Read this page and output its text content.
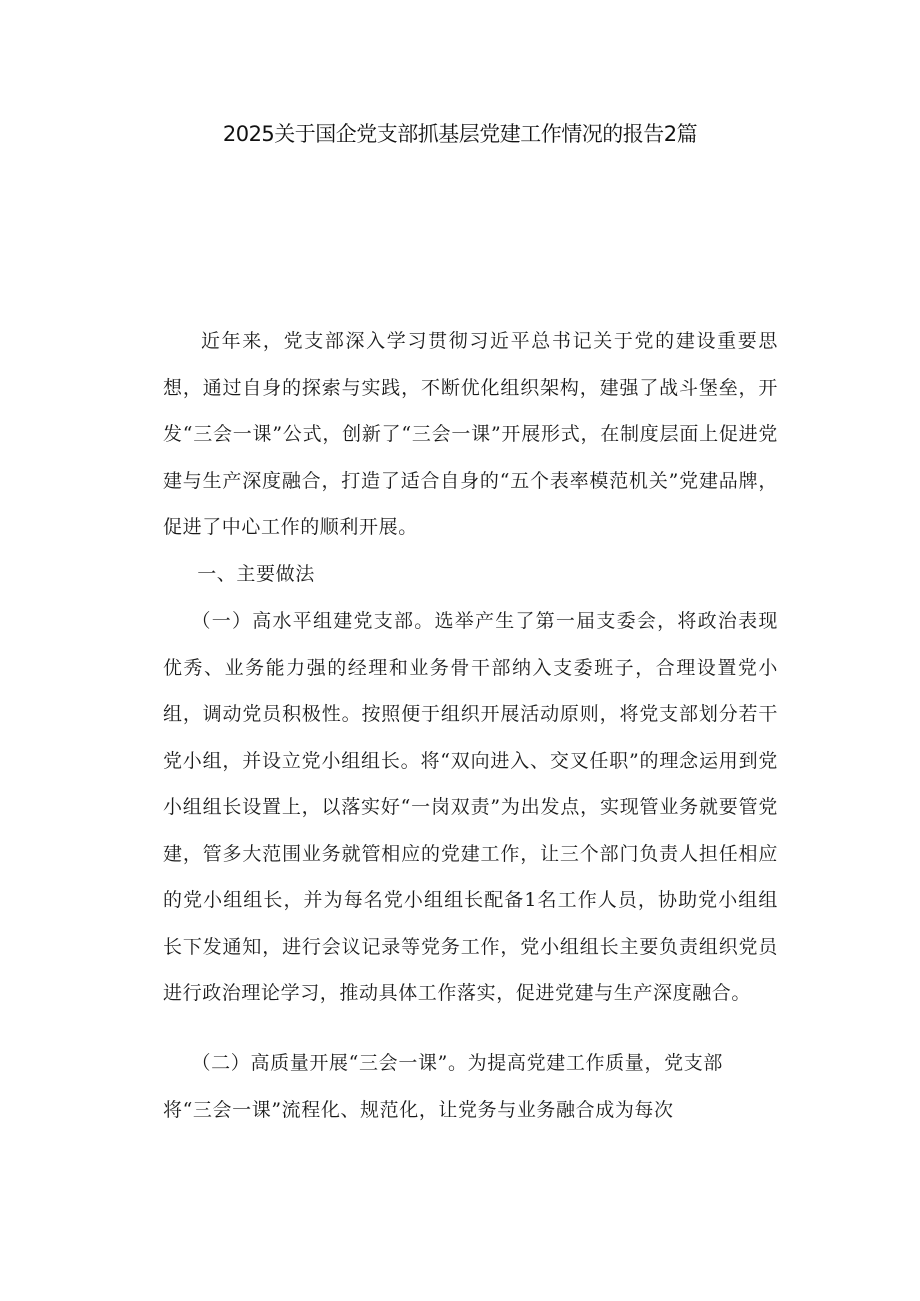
2025关于国企党支部抓基层党建工作情况的报告2篇

近年来，党支部深入学习贯彻习近平总书记关于党的建设重要思想，通过自身的探索与实践，不断优化组织架构，建强了战斗堡垒，开发“三会一课”公式，创新了“三会一课”开展形式，在制度层面上促进党建与生产深度融合，打造了适合自身的“五个表率模范机关”党建品牌，促进了中心工作的顺利开展。

一、主要做法

（一）高水平组建党支部。选举产生了第一届支委会，将政治表现优秀、业务能力强的经理和业务骨干部纳入支委班子，合理设置党小组，调动党员积极性。按照便于组织开展活动原则，将党支部划分若干党小组，并设立党小组组长。将“双向进入、交叉任职”的理念运用到党小组组长设置上，以落实好“一岗双责”为出发点，实现管业务就要管党建，管多大范围业务就管相应的党建工作，让三个部门负责人担任相应的党小组组长，并为每名党小组组长配备1名工作人员，协助党小组组长下发通知，进行会议记录等党务工作，党小组组长主要负责组织党员进行政治理论学习，推动具体工作落实，促进党建与生产深度融合。

（二）高质量开展“三会一课”。为提高党建工作质量，党支部将“三会一课”流程化、规范化，让党务与业务融合成为每次
